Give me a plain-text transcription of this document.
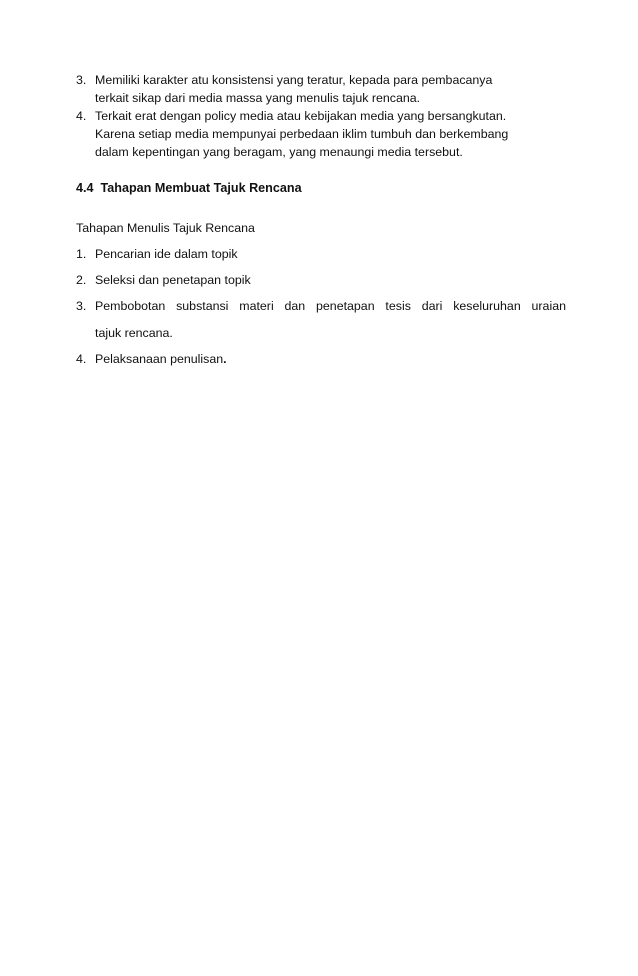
3. Memiliki karakter atu konsistensi yang teratur, kepada para pembacanya
terkait sikap dari media massa yang menulis tajuk rencana.
4. Terkait erat dengan policy media atau kebijakan media yang bersangkutan.
Karena setiap media mempunyai perbedaan iklim tumbuh dan berkembang
dalam kepentingan yang beragam, yang menaungi media tersebut.
4.4  Tahapan Membuat Tajuk Rencana
Tahapan Menulis Tajuk Rencana
1. Pencarian ide dalam topik
2. Seleksi dan penetapan topik
3. Pembobotan substansi materi dan penetapan tesis dari keseluruhan uraian
tajuk rencana.
4. Pelaksanaan penulisan.
